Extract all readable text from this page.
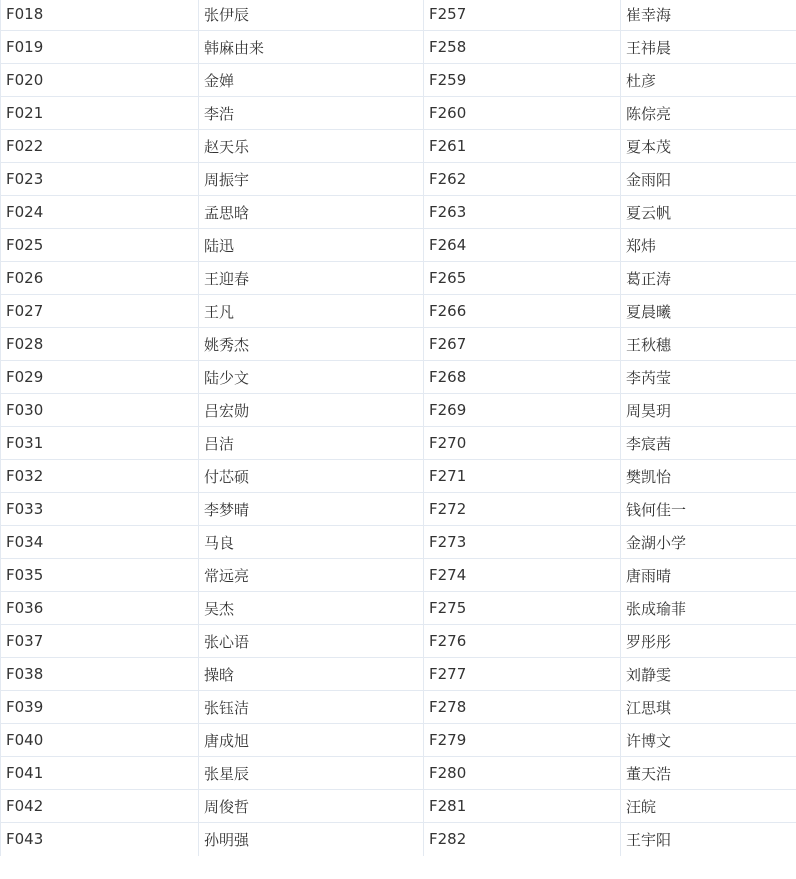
F018	张伊辰	F257	崔幸海
F019	韩麻由来	F258	王祎晨
F020	金婵	F259	杜彦
F021	李浩	F260	陈倧亮
F022	赵天乐	F261	夏本茂
F023	周振宇	F262	金雨阳
F024	孟思晗	F263	夏云帆
F025	陆迅	F264	郑炜
F026	王迎春	F265	葛正涛
F027	王凡	F266	夏晨曦
F028	姚秀杰	F267	王秋穗
F029	陆少文	F268	李芮莹
F030	吕宏勋	F269	周昊玥
F031	吕洁	F270	李宸茜
F032	付芯硕	F271	樊凯怡
F033	李梦晴	F272	钱何佳一
F034	马良	F273	金湖小学
F035	常远亮	F274	唐雨晴
F036	吴杰	F275	张成瑜菲
F037	张心语	F276	罗彤彤
F038	操晗	F277	刘静雯
F039	张钰洁	F278	江思琪
F040	唐成旭	F279	许博文
F041	张星辰	F280	董天浩
F042	周俊哲	F281	汪皖
F043	孙明强	F282	王宇阳
